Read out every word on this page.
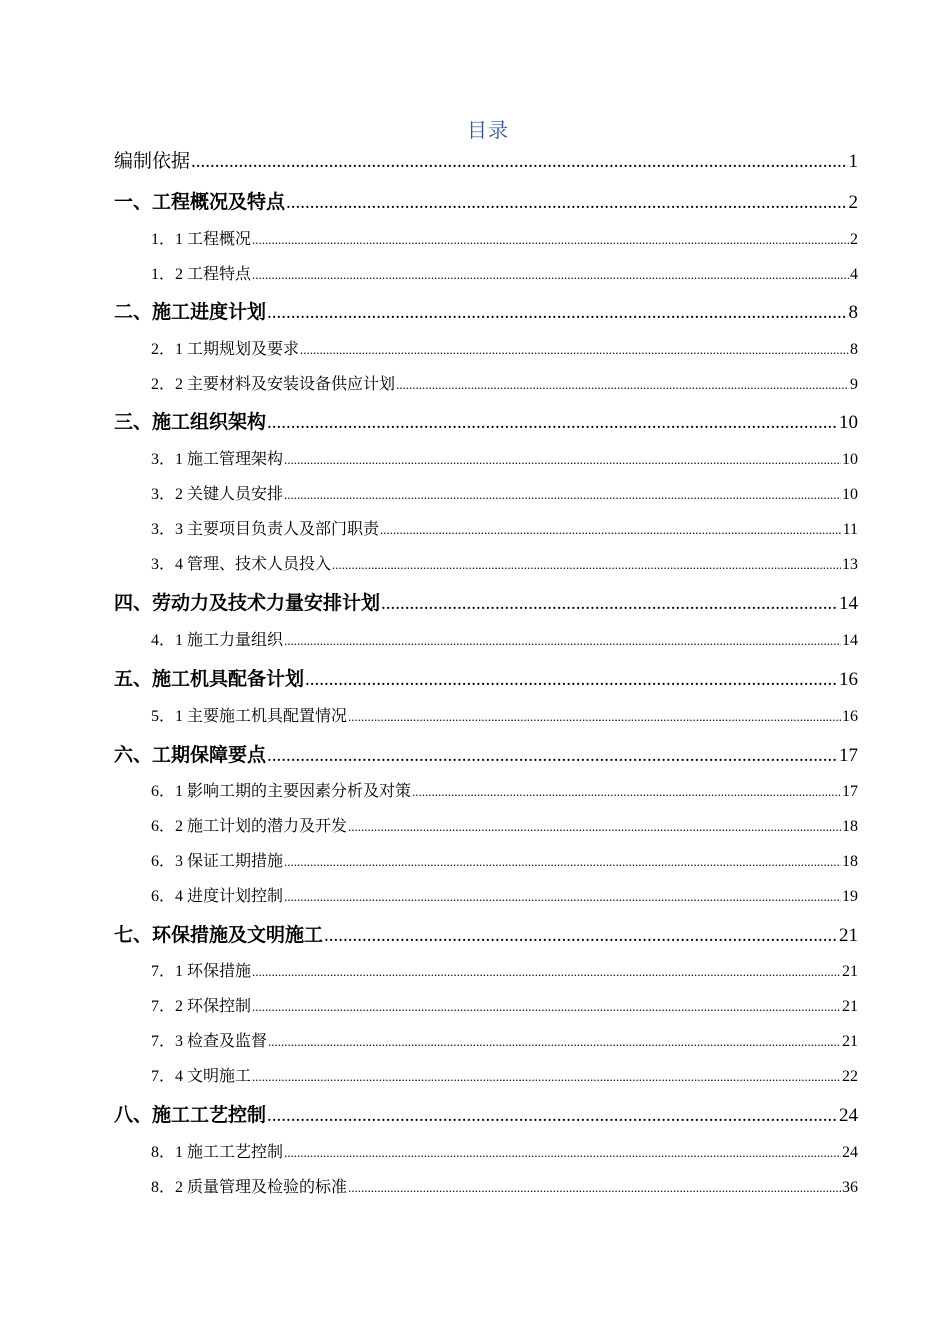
目录
编制依据 .....	1
一、工程概况及特点 .....	2
1．1 工程概况 .....	2
1．2 工程特点 .....	4
二、施工进度计划 .....	8
2．1 工期规划及要求 .....	8
2．2 主要材料及安装设备供应计划 .....	9
三、施工组织架构 .....	10
3．1 施工管理架构 .....	10
3．2 关键人员安排 .....	10
3．3 主要项目负责人及部门职责 .....	11
3．4 管理、技术人员投入 .....	13
四、劳动力及技术力量安排计划 .....	14
4．1 施工力量组织 .....	14
五、施工机具配备计划 .....	16
5．1 主要施工机具配置情况 .....	16
六、工期保障要点 .....	17
6．1 影响工期的主要因素分析及对策 .....	17
6．2 施工计划的潜力及开发 .....	18
6．3 保证工期措施 .....	18
6．4 进度计划控制 .....	19
七、环保措施及文明施工 .....	21
7．1 环保措施 .....	21
7．2 环保控制 .....	21
7．3 检查及监督 .....	21
7．4 文明施工 .....	22
八、施工工艺控制 .....	24
8．1 施工工艺控制 .....	24
8．2 质量管理及检验的标准 .....	36
